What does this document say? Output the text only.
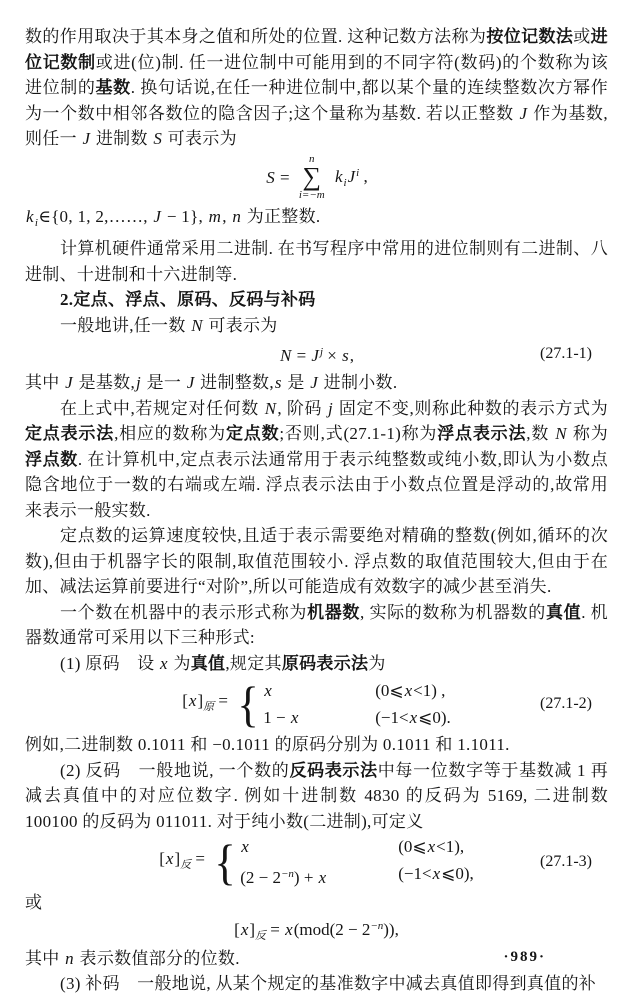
数的作用取决于其本身之值和所处的位置. 这种记数方法称为按位记数法或进位记数制或进(位)制. 任一进位制中可能用到的不同字符(数码)的个数称为该进位制的基数. 换句话说,在任一种进位制中,都以某个量的连续整数次方幂作为一个数中相邻各数位的隐含因子;这个量称为基数. 若以正整数 J 作为基数,则任一 J 进制数 S 可表示为

S =
n
∑
i=−m
$k_iJ^i$ ,

$k_i\in\{0$, 1, 2,……, J − 1}, m, n 为正整数.

计算机硬件通常采用二进制. 在书写程序中常用的进位制则有二进制、八进制、十进制和十六进制等.

2.定点、浮点、原码、反码与补码

一般地讲,任一数 N 可表示为

$N = J^j \times s$,	(27.1-1)

其中 J 是基数,j 是一 J 进制整数,s 是 J 进制小数.

在上式中,若规定对任何数 N, 阶码 j 固定不变,则称此种数的表示方式为定点表示法,相应的数称为定点数;否则,式(27.1-1)称为浮点表示法,数 N 称为浮点数. 在计算机中,定点表示法通常用于表示纯整数或纯小数,即认为小数点隐含地位于一数的右端或左端. 浮点表示法由于小数点位置是浮动的,故常用来表示一般实数.

定点数的运算速度较快,且适于表示需要绝对精确的整数(例如,循环的次数),但由于机器字长的限制,取值范围较小. 浮点数的取值范围较大,但由于在加、减法运算前要进行“对阶”,所以可能造成有效数字的减少甚至消失.

一个数在机器中的表示形式称为机器数, 实际的数称为机器数的真值. 机器数通常可采用以下三种形式:

(1) 原码　设 x 为真值,规定其原码表示法为

$[x]_原$ = { x	(0⩽x<1) ,
1 − x	(−1<x⩽0).
(27.1-2)

例如,二进制数 0.1011 和 −0.1011 的原码分别为 0.1011 和 1.1011.

(2) 反码　一般地说, 一个数的反码表示法中每一位数字等于基数减 1 再减去真值中的对应位数字. 例如十进制数 4830 的反码为 5169, 二进制数 100100 的反码为 011011. 对于纯小数(二进制),可定义

$[x]_反$ = { x	(0⩽x<1),
$(2 - 2^{-n}) + x$	(−1<x⩽0),
(27.1-3)

或

$[x]_反 = x(mod(2 - 2^{-n}))$,

其中 n 表示数值部分的位数.

(3) 补码　一般地说, 从某个规定的基准数字中减去真值即得到真值的补

·989·
